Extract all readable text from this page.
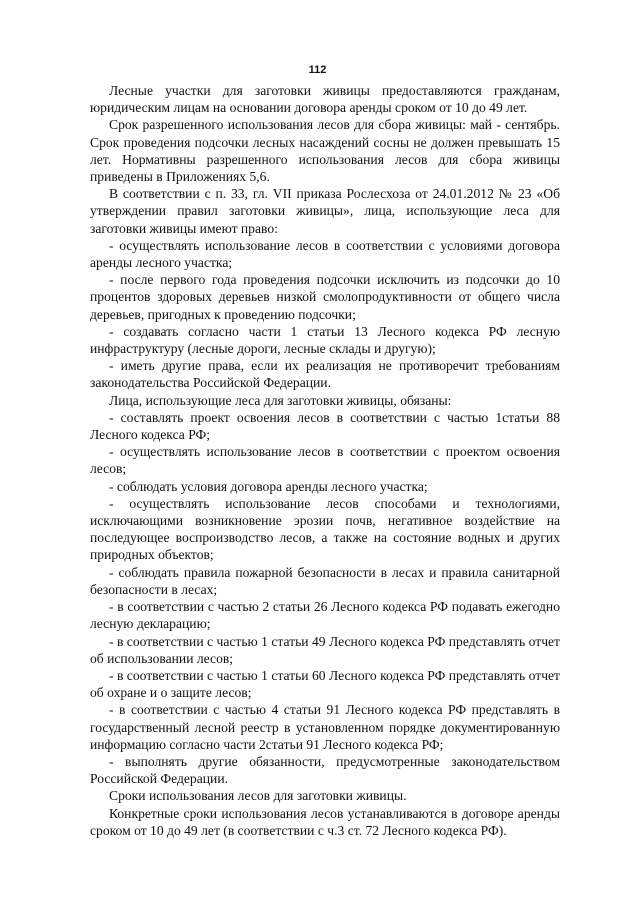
112

Лесные участки для заготовки живицы предоставляются гражданам, юридическим лицам на основании договора аренды сроком от 10 до 49 лет.

Срок разрешенного использования лесов для сбора живицы: май - сентябрь. Срок проведения подсочки лесных насаждений сосны не должен превышать 15 лет. Нормативны разрешенного использования лесов для сбора живицы приведены в Приложениях 5,6.

В соответствии с п. 33, гл. VII приказа Рослесхоза от 24.01.2012 № 23 «Об утверждении правил заготовки живицы», лица, использующие леса для заготовки живицы имеют право:

- осуществлять использование лесов в соответствии с условиями договора аренды лесного участка;

- после первого года проведения подсочки исключить из подсочки до 10 процентов здоровых деревьев низкой смолопродуктивности от общего числа деревьев, пригодных к проведению подсочки;

- создавать согласно части 1 статьи 13 Лесного кодекса РФ лесную инфраструктуру (лесные дороги, лесные склады и другую);

- иметь другие права, если их реализация не противоречит требованиям законодательства Российской Федерации.

Лица, использующие леса для заготовки живицы, обязаны:

- составлять проект освоения лесов в соответствии с частью 1статьи 88 Лесного кодекса РФ;

- осуществлять использование лесов в соответствии с проектом освоения лесов;

- соблюдать условия договора аренды лесного участка;

- осуществлять использование лесов способами и технологиями, исключающими возникновение эрозии почв, негативное воздействие на последующее воспроизводство лесов, а также на состояние водных и других природных объектов;

- соблюдать правила пожарной безопасности в лесах и правила санитарной безопасности в лесах;

- в соответствии с частью 2 статьи 26 Лесного кодекса РФ подавать ежегодно лесную декларацию;

- в соответствии с частью 1 статьи 49 Лесного кодекса РФ представлять отчет об использовании лесов;

- в соответствии с частью 1 статьи 60 Лесного кодекса РФ представлять отчет об охране и о защите лесов;

- в соответствии с частью 4 статьи 91 Лесного кодекса РФ представлять в государственный лесной реестр в установленном порядке документированную информацию согласно части 2статьи 91 Лесного кодекса РФ;

- выполнять другие обязанности, предусмотренные законодательством Российской Федерации.

Сроки использования лесов для заготовки живицы.

Конкретные сроки использования лесов устанавливаются в договоре аренды сроком от 10 до 49 лет (в соответствии с ч.3 ст. 72 Лесного кодекса РФ).
